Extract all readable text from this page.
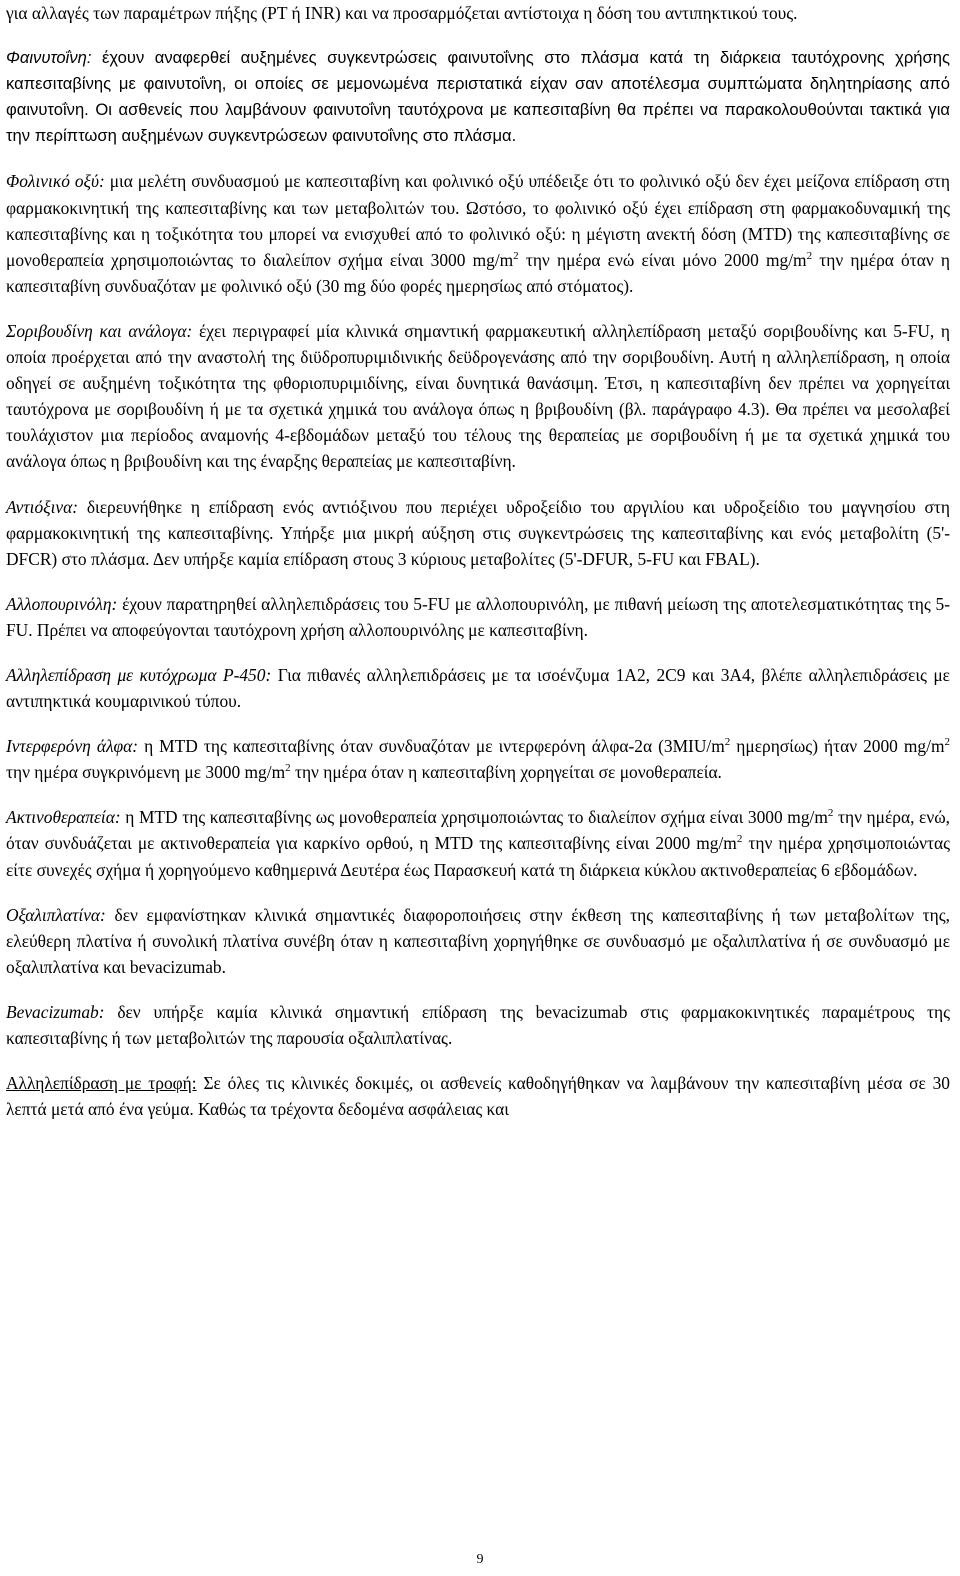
για αλλαγές των παραμέτρων πήξης (PT ή INR) και να προσαρμόζεται αντίστοιχα η δόση του αντιπηκτικού τους.

Φαινυτοΐνη: έχουν αναφερθεί αυξημένες συγκεντρώσεις φαινυτοΐνης στο πλάσμα κατά τη διάρκεια ταυτόχρονης χρήσης καπεσιταβίνης με φαινυτοΐνη, οι οποίες σε μεμονωμένα περιστατικά είχαν σαν αποτέλεσμα συμπτώματα δηλητηρίασης από φαινυτοΐνη. Οι ασθενείς που λαμβάνουν φαινυτοΐνη ταυτόχρονα με καπεσιταβίνη θα πρέπει να παρακολουθούνται τακτικά για την περίπτωση αυξημένων συγκεντρώσεων φαινυτοΐνης στο πλάσμα.

Φολινικό οξύ: μια μελέτη συνδυασμού με καπεσιταβίνη και φολινικό οξύ υπέδειξε ότι το φολινικό οξύ δεν έχει μείζονα επίδραση στη φαρμακοκινητική της καπεσιταβίνης και των μεταβολιτών του. Ωστόσο, το φολινικό οξύ έχει επίδραση στη φαρμακοδυναμική της καπεσιταβίνης και η τοξικότητα του μπορεί να ενισχυθεί από το φολινικό οξύ: η μέγιστη ανεκτή δόση (MTD) της καπεσιταβίνης σε μονοθεραπεία χρησιμοποιώντας το διαλείπον σχήμα είναι 3000 $mg/m^2$ την ημέρα ενώ είναι μόνο 2000 $mg/m^2$ την ημέρα όταν η καπεσιταβίνη συνδυαζόταν με φολινικό οξύ (30 mg δύο φορές ημερησίως από στόματος).

Σοριβουδίνη και ανάλογα: έχει περιγραφεί μία κλινικά σημαντική φαρμακευτική αλληλεπίδραση μεταξύ σοριβουδίνης και 5-FU, η οποία προέρχεται από την αναστολή της διϋδροπυριμιδινικής δεϋδρογενάσης από την σοριβουδίνη. Αυτή η αλληλεπίδραση, η οποία οδηγεί σε αυξημένη τοξικότητα της φθοριοπυριμιδίνης, είναι δυνητικά θανάσιμη. Έτσι, η καπεσιταβίνη δεν πρέπει να χορηγείται ταυτόχρονα με σοριβουδίνη ή με τα σχετικά χημικά του ανάλογα όπως η βριβουδίνη (βλ. παράγραφο 4.3). Θα πρέπει να μεσολαβεί τουλάχιστον μια περίοδος αναμονής 4-εβδομάδων μεταξύ του τέλους της θεραπείας με σοριβουδίνη ή με τα σχετικά χημικά του ανάλογα όπως η βριβουδίνη και της έναρξης θεραπείας με καπεσιταβίνη.

Αντιόξινα: διερευνήθηκε η επίδραση ενός αντιόξινου που περιέχει υδροξείδιο του αργιλίου και υδροξείδιο του μαγνησίου στη φαρμακοκινητική της καπεσιταβίνης. Υπήρξε μια μικρή αύξηση στις συγκεντρώσεις της καπεσιταβίνης και ενός μεταβολίτη (5'-DFCR) στο πλάσμα. Δεν υπήρξε καμία επίδραση στους 3 κύριους μεταβολίτες (5'-DFUR, 5-FU και FBAL).

Αλλοπουρινόλη: έχουν παρατηρηθεί αλληλεπιδράσεις του 5-FU με αλλοπουρινόλη, με πιθανή μείωση της αποτελεσματικότητας της 5-FU. Πρέπει να αποφεύγονται ταυτόχρονη χρήση αλλοπουρινόλης με καπεσιταβίνη.

Αλληλεπίδραση με κυτόχρωμα P-450: Για πιθανές αλληλεπιδράσεις με τα ισοένζυμα 1Α2, 2C9 και 3A4, βλέπε αλληλεπιδράσεις με αντιπηκτικά κουμαρινικού τύπου.

Ιντερφερόνη άλφα: η MTD της καπεσιταβίνης όταν συνδυαζόταν με ιντερφερόνη άλφα-2α ($3MIU/m^2$ ημερησίως) ήταν 2000 $mg/m^2$ την ημέρα συγκρινόμενη με 3000 $mg/m^2$ την ημέρα όταν η καπεσιταβίνη χορηγείται σε μονοθεραπεία.

Ακτινοθεραπεία: η MTD της καπεσιταβίνης ως μονοθεραπεία χρησιμοποιώντας το διαλείπον σχήμα είναι 3000 $mg/m^2$ την ημέρα, ενώ, όταν συνδυάζεται με ακτινοθεραπεία για καρκίνο ορθού, η MTD της καπεσιταβίνης είναι 2000 $mg/m^2$ την ημέρα χρησιμοποιώντας είτε συνεχές σχήμα ή χορηγούμενο καθημερινά Δευτέρα έως Παρασκευή κατά τη διάρκεια κύκλου ακτινοθεραπείας 6 εβδομάδων.

Οξαλιπλατίνα: δεν εμφανίστηκαν κλινικά σημαντικές διαφοροποιήσεις στην έκθεση της καπεσιταβίνης ή των μεταβολίτων της, ελεύθερη πλατίνα ή συνολική πλατίνα συνέβη όταν η καπεσιταβίνη χορηγήθηκε σε συνδυασμό με οξαλιπλατίνα ή σε συνδυασμό με οξαλιπλατίνα και bevacizumab.

Bevacizumab: δεν υπήρξε καμία κλινικά σημαντική επίδραση της bevacizumab στις φαρμακοκινητικές παραμέτρους της καπεσιταβίνης ή των μεταβολιτών της παρουσία οξαλιπλατίνας.

Αλληλεπίδραση με τροφή: Σε όλες τις κλινικές δοκιμές, οι ασθενείς καθοδηγήθηκαν να λαμβάνουν την καπεσιταβίνη μέσα σε 30 λεπτά μετά από ένα γεύμα. Καθώς τα τρέχοντα δεδομένα ασφάλειας και

9
